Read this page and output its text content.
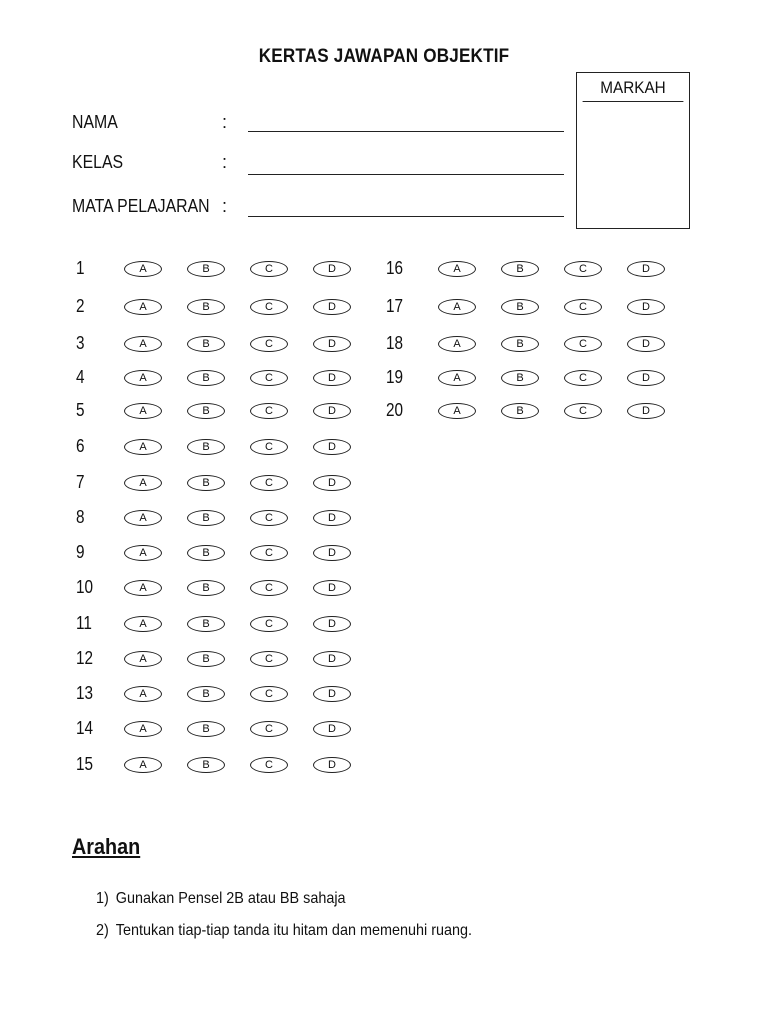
KERTAS JAWAPAN OBJEKTIF
NAMA	:
KELAS	:
MATA PELAJARAN :
MARKAH
1	A	B	C	D
2	A	B	C	D
3	A	B	C	D
4	A	B	C	D
5	A	B	C	D
6	A	B	C	D
7	A	B	C	D
8	A	B	C	D
9	A	B	C	D
10	A	B	C	D
11	A	B	C	D
12	A	B	C	D
13	A	B	C	D
14	A	B	C	D
15	A	B	C	D
16	A	B	C	D
17	A	B	C	D
18	A	B	C	D
19	A	B	C	D
20	A	B	C	D
Arahan
1) Gunakan Pensel 2B atau BB sahaja
2) Tentukan tiap-tiap tanda itu hitam dan memenuhi ruang.
